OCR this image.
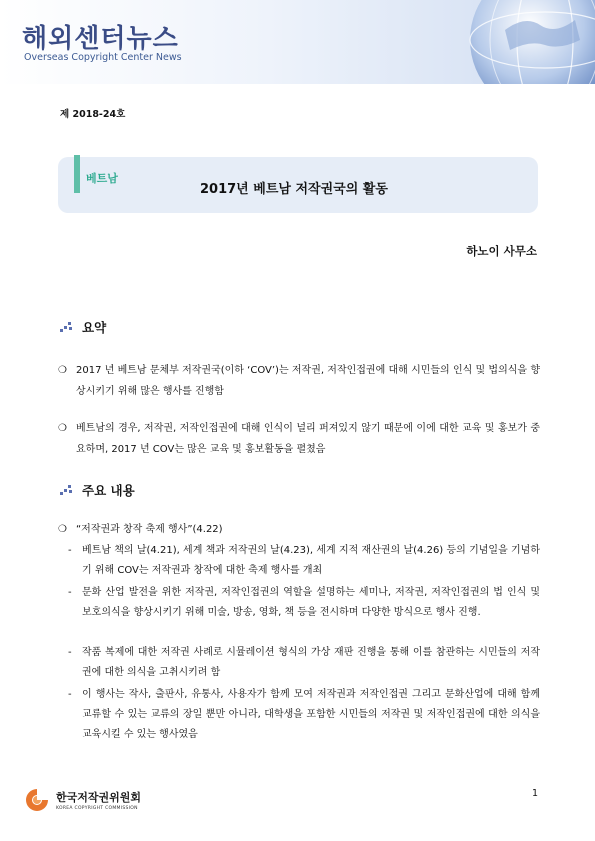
해외센터뉴스
Overseas Copyright Center News
제 2018-24호
베트남
2017년 베트남 저작권국의 활동
하노이 사무소
요약
❍ 2017 년 베트남 문체부 저작권국(이하 ‘COV’)는 저작권, 저작인접권에 대해 시민들의 인식 및 법의식을 향상시키기 위해 많은 행사를 진행함
❍ 베트남의 경우, 저작권, 저작인접권에 대해 인식이 널리 퍼져있지 않기 때문에 이에 대한 교육 및 홍보가 중요하며, 2017 년 COV는 많은 교육 및 홍보활동을 펼쳤음
주요 내용
❍ “저작권과 창작 축제 행사”(4.22)
-	베트남 책의 날(4.21), 세계 책과 저작권의 날(4.23), 세계 지적 재산권의 날(4.26) 등의 기념일을 기념하기 위해 COV는 저작권과 창작에 대한 축제 행사를 개최
-	문화 산업 발전을 위한 저작권, 저작인접권의 역할을 설명하는 세미나, 저작권, 저작인접권의 법 인식 및 보호의식을 향상시키기 위해 미술, 방송, 영화, 책 등을 전시하며 다양한 방식으로 행사 진행.
-	작품 복제에 대한 저작권 사례로 시뮬레이션 형식의 가상 재판 진행을 통해 이를 참관하는 시민들의 저작권에 대한 의식을 고취시키려 함
-	이 행사는 작사, 출판사, 유통사, 사용자가 함께 모여 저작권과 저작인접권 그리고 문화산업에 대해 함께 교류할 수 있는 교류의 장일 뿐만 아니라, 대학생을 포함한 시민들의 저작권 및 저작인접권에 대한 의식을 교육시킬 수 있는 행사였음
한국저작권위원회
KOREA COPYRIGHT COMMISSION
1
